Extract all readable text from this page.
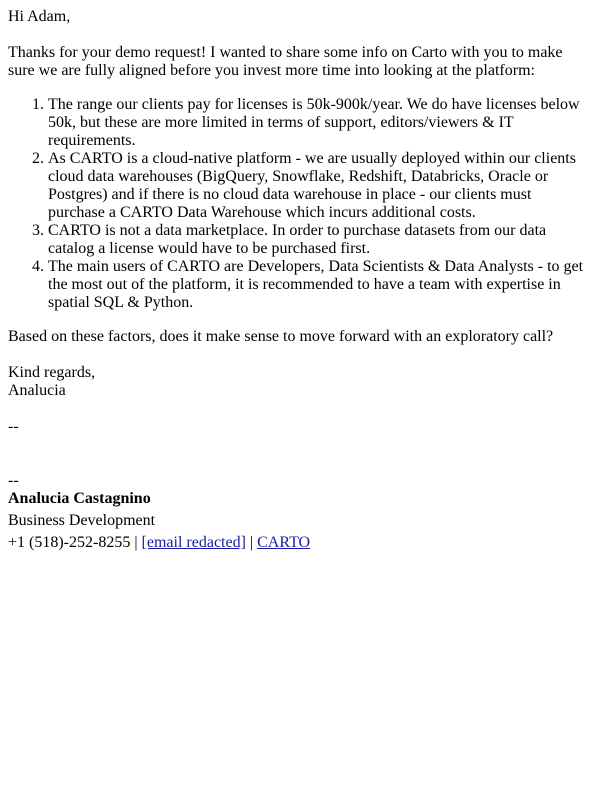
Hi Adam,

Thanks for your demo request! I wanted to share some info on Carto with you to make sure we are fully aligned before you invest more time into looking at the platform:

1. The range our clients pay for licenses is 50k-900k/year. We do have licenses below 50k, but these are more limited in terms of support, editors/viewers & IT requirements.
2. As CARTO is a cloud-native platform - we are usually deployed within our clients cloud data warehouses (BigQuery, Snowflake, Redshift, Databricks, Oracle or Postgres) and if there is no cloud data warehouse in place - our clients must purchase a CARTO Data Warehouse which incurs additional costs.
3. CARTO is not a data marketplace. In order to purchase datasets from our data catalog a license would have to be purchased first.
4. The main users of CARTO are Developers, Data Scientists & Data Analysts - to get the most out of the platform, it is recommended to have a team with expertise in spatial SQL & Python.

Based on these factors, does it make sense to move forward with an exploratory call?

Kind regards,
Analucia
--
--
Analucia Castagnino
Business Development
+1 (518)-252-8255 | [email redacted] | CARTO
